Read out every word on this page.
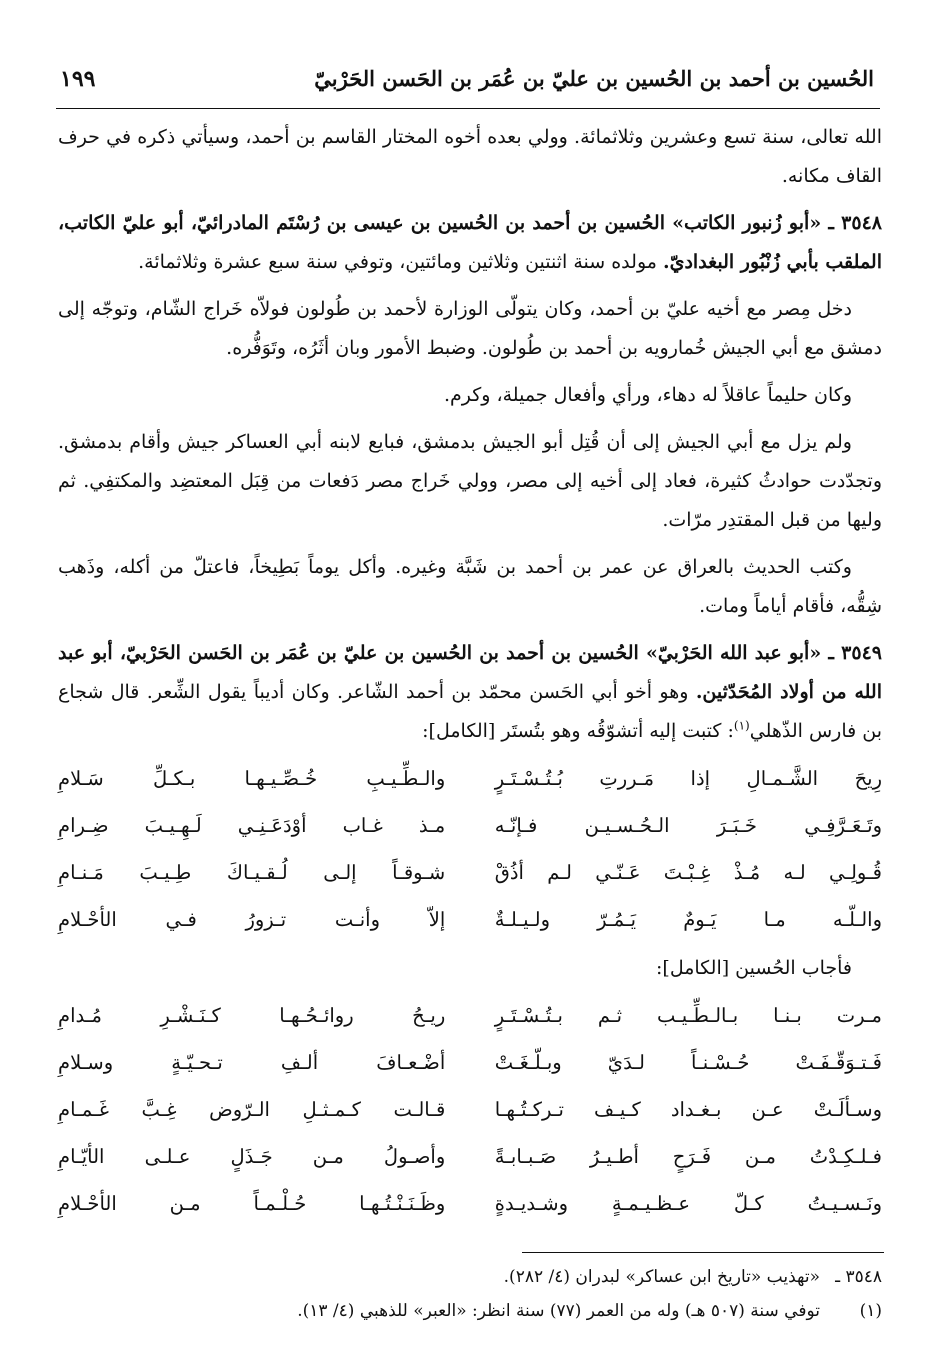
الحُسين بن أحمد بن الحُسين بن عليّ بن عُمَر بن الحَسن الحَرْبيّ
١٩٩

الله تعالى، سنة تسع وعشرين وثلاثمائة. وولي بعده أخوه المختار القاسم بن أحمد، وسيأتي ذكره في حرف القاف مكانه.

٣٥٤٨ ـ «أبو زُنبور الكاتب» الحُسين بن أحمد بن الحُسين بن عيسى بن رُسْتَم المادرائيّ، أبو عليّ الكاتب، الملقب بأبي زُنْبُور البغداديّ. مولده سنة اثنتين وثلاثين ومائتين، وتوفي سنة سبع عشرة وثلاثمائة.

دخل مِصر مع أخيه عليّ بن أحمد، وكان يتولّى الوزارة لأحمد بن طُولون فولاّه خَراج الشّام، وتوجّه إلى دمشق مع أبي الجيش خُمارويه بن أحمد بن طُولون. وضبط الأمور وبان أثَرُه، وتَوَفُّره.

وكان حليماً عاقلاً له دهاء، ورأي وأفعال جميلة، وكرم.

ولم يزل مع أبي الجيش إلى أن قُتِل أبو الجيش بدمشق، فبايع لابنه أبي العساكر جيش وأقام بدمشق. وتجدّدت حوادثُ كثيرة، فعاد إلى أخيه إلى مصر، وولي خَراج مصر دَفعات من قِبَل المعتضِد والمكتفِي. ثم وليها من قبل المقتدِر مرّات.

وكتب الحديث بالعراق عن عمر بن أحمد بن شَبَّة وغيره. وأكل يوماً بَطِيخاً، فاعتلّ من أكله، وذَهب شِقُّه، فأقام أياماً ومات.

٣٥٤٩ ـ «أبو عبد الله الحَرْبيّ» الحُسين بن أحمد بن الحُسين بن عليّ بن عُمَر بن الحَسن الحَرْبيّ، أبو عبد الله من أولاد المُحَدّثين. وهو أخو أبي الحَسن محمّد بن أحمد الشّاعر. وكان أديباً يقول الشِّعر. قال شجاع بن فارس الذّهلي$^{(١)}$: كتبت إليه أتشوّقُه وهو بتُستَر [الكامل]:

رِيحَ الشَّـمـالِ إذا مَـررتِ بُـتُـسْـتَـرٍ
والـطِّـيـبِ خُـصِّـيـهـا بـكـلِّ سَـلامِ
وتَـعَـرَّفِـي خَـبَـرَ الـحُـسـيـن فـإنّـه
مـذ غـاب أوْدَعَـنِـي لَـهِـيـبَ ضِـرامِ
قُـولِـي لـه مُـذْ غِـبْـتَ عَـنّـي لـم أذُقْ
شـوقـاً إلـى لُـقـيـاكَ طِـيـبَ مَـنـامِ
والـلّـه مـا يَـومٌ يَـمُـرّ ولـيـلـةٌ
إلاّ وأنـت تـزورُ فـي الأحْـلامِ

فأجاب الحُسين [الكامل]:

مـرت بـنـا بـالـطِّـيـب ثـم بـتُـسْـتَـرٍ
ريـحُ روائـحُـهـا كـنَـشْـرِ مُـدامِ
فَـتـوَقّـفَـتْ حُـسْـنـاً لـدَيّ وبـلّـغَـتْ
أضْـعـافَ ألـفِ تـحـيّـةٍ وسـلامِ
وسـألَـتْ عـن بـغـداد كـيـف تـركـتُـهـا
قـالـت كـمـثـلِ الـرّوض غِـبَّ غَـمـامِ
فـلـكِـدْتُ مـن فَـرَحٍ أطـيـرُ صَـبـابـةً
وأصـولُ مـن جَـذَلٍ عـلـى الأيّـامِ
ونَـسـيـتُ كـلّ عـظـيـمـةٍ وشـديـدةٍ
وظَـنَـنْـتُـهـا حُـلْـمـاً مـن الأحْـلامِ

٣٥٤٨ ـ«تهذيب «تاريخ ابن عساكر» لبدران (٤/ ٢٨٢).

(١)توفي سنة (٥٠٧ هـ) وله من العمر (٧٧) سنة انظر: «العبر» للذهبي (٤/ ١٣).
